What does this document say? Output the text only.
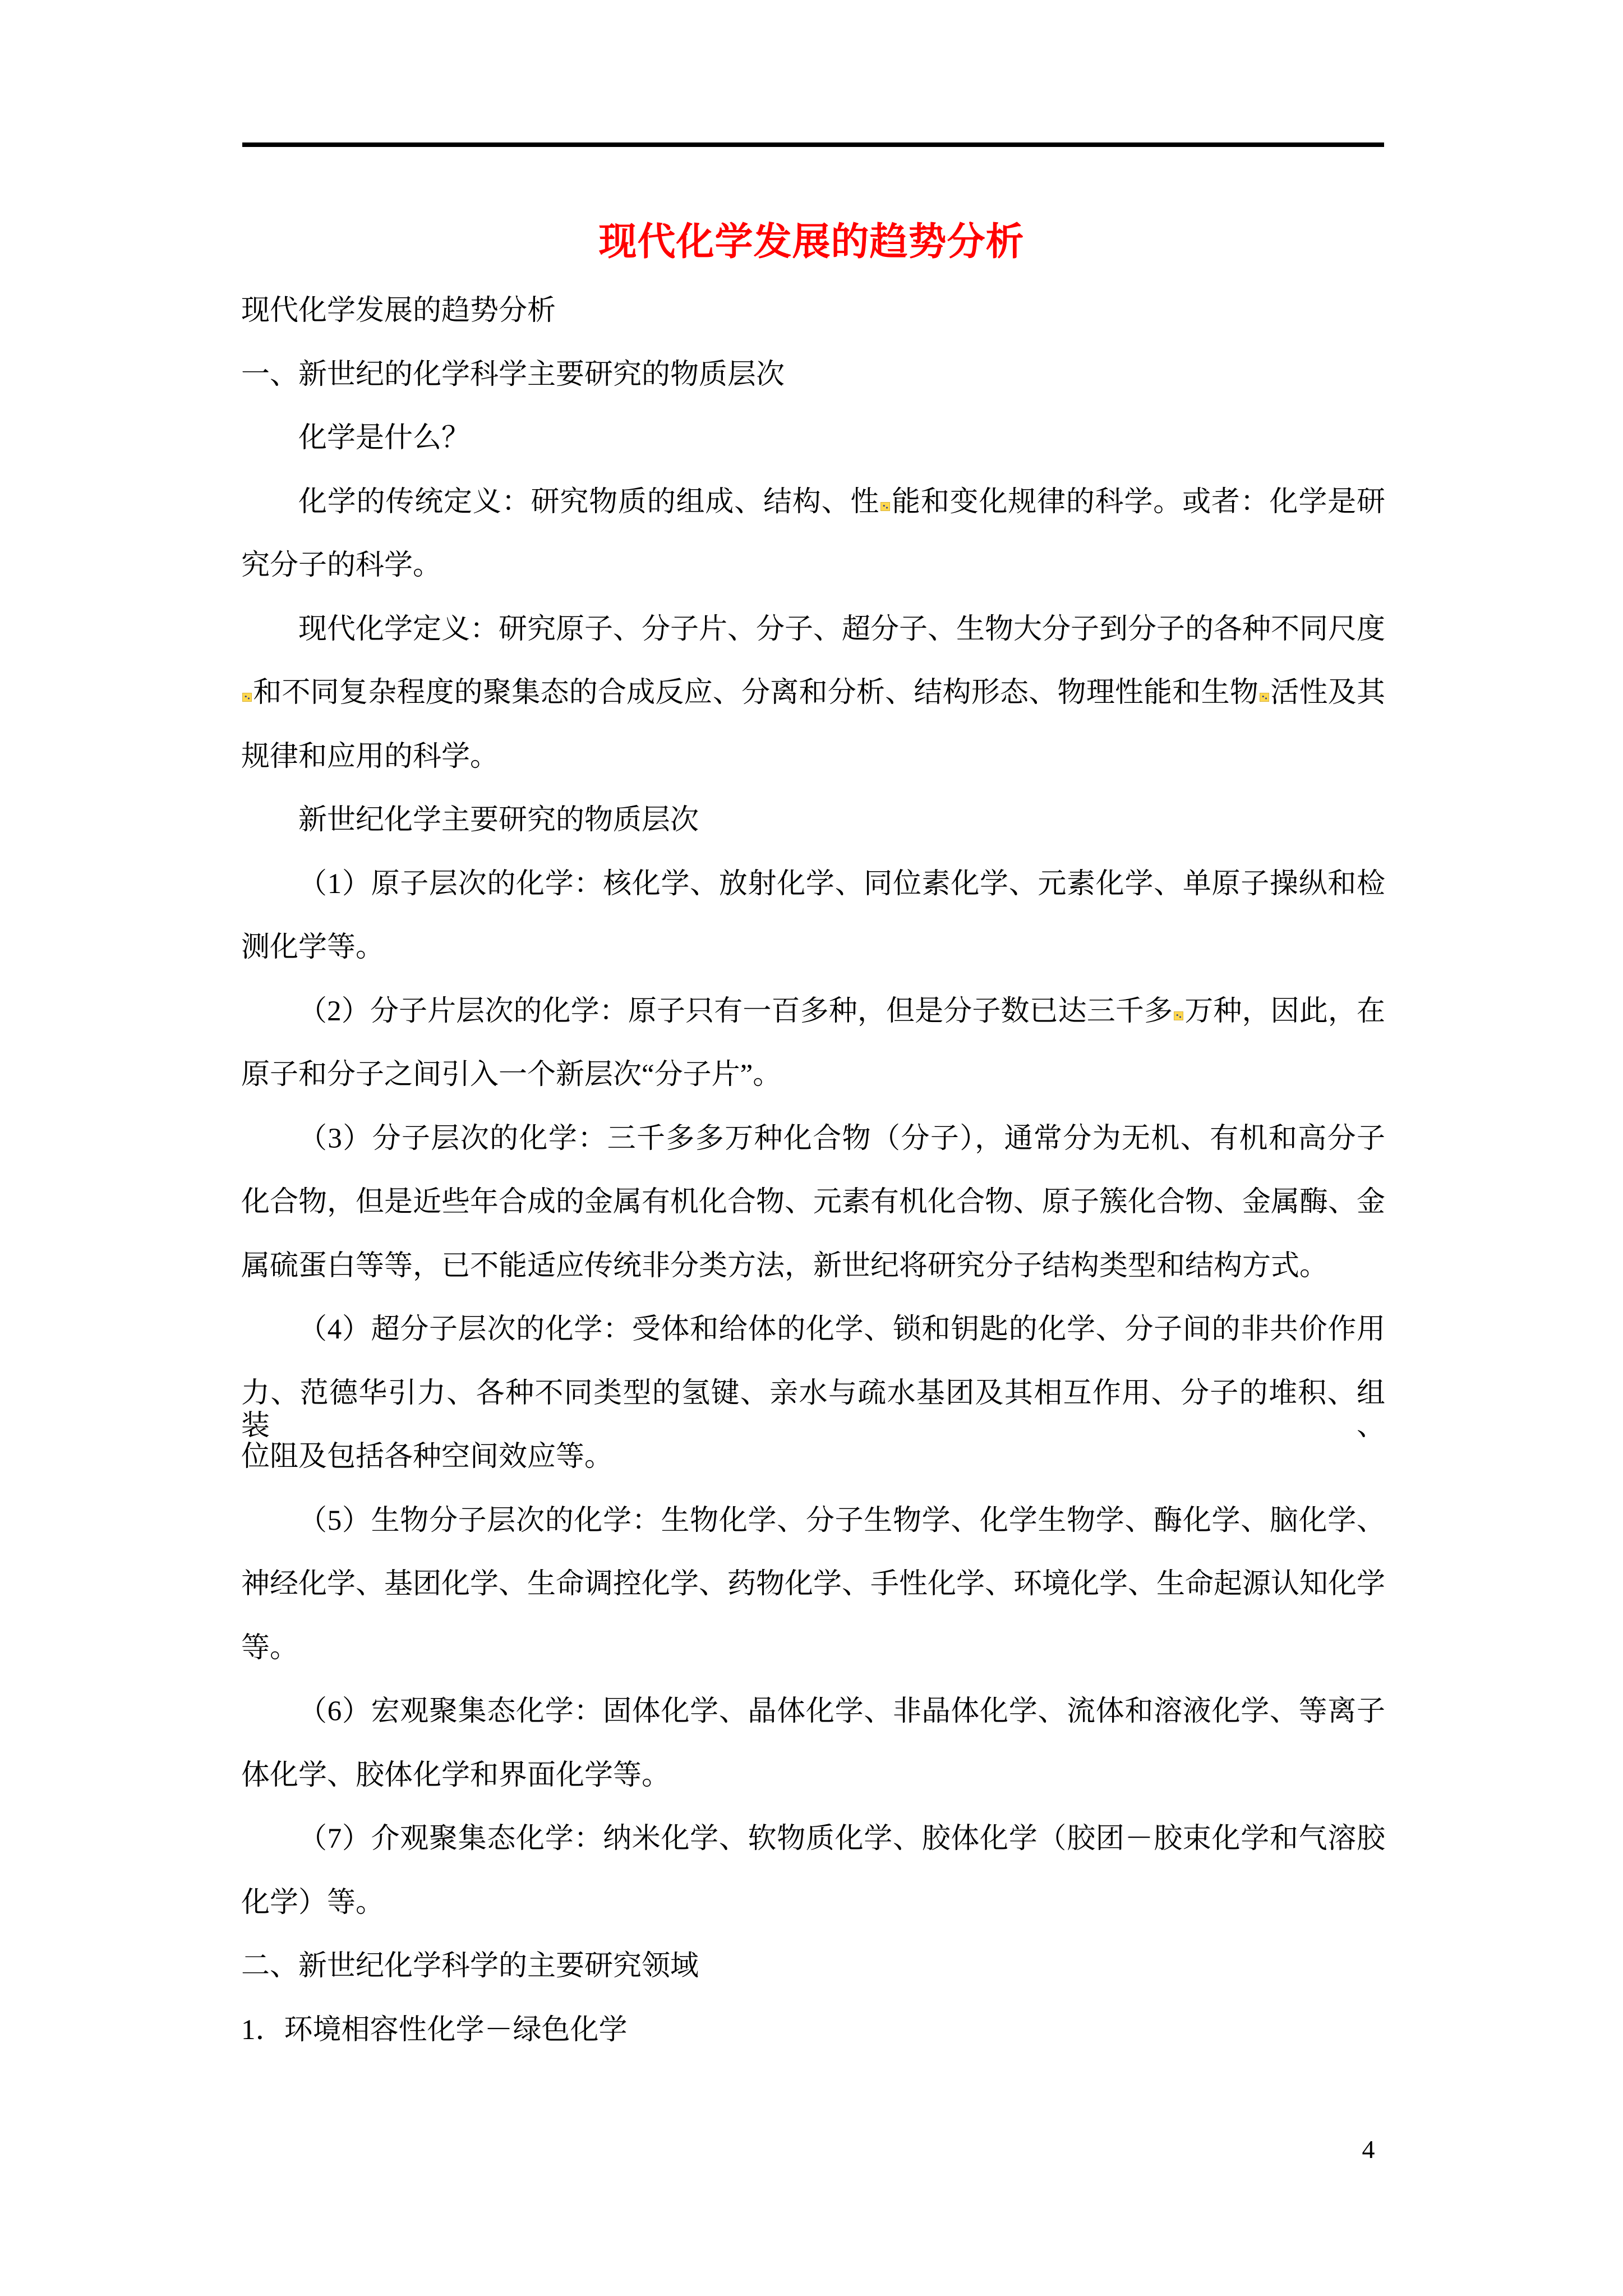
现代化学发展的趋势分析
现代化学发展的趋势分析
一、新世纪的化学科学主要研究的物质层次
化学是什么？
化学的传统定义：研究物质的组成、结构、性 能和变化规律的科学。或者：化学是研
究分子的科学。
现代化学定义：研究原子、分子片、分子、超分子、生物大分子到分子的各种不同尺度
和不同复杂程度的聚集态的合成反应、分离和分析、结构形态、物理性能和生物 活性及其
规律和应用的科学。
新世纪化学主要研究的物质层次
（1）原子层次的化学：核化学、放射化学、同位素化学、元素化学、单原子操纵和检
测化学等。
（2）分子片层次的化学：原子只有一百多种，但是分子数已达三千多 万种，因此，在
原子和分子之间引入一个新层次“分子片”。
（3）分子层次的化学：三千多多万种化合物（分子），通常分为无机、有机和高分子
化合物，但是近些年合成的金属有机化合物、元素有机化合物、原子簇化合物、金属酶、金
属硫蛋白等等，已不能适应传统非分类方法，新世纪将研究分子结构类型和结构方式。
（4）超分子层次的化学：受体和给体的化学、锁和钥匙的化学、分子间的非共价作用
力、范德华引力、各种不同类型的氢键、亲水与疏水基团及其相互作用、分子的堆积、组装、
位阻及包括各种空间效应等。
（5）生物分子层次的化学：生物化学、分子生物学、化学生物学、酶化学、脑化学、
神经化学、基团化学、生命调控化学、药物化学、手性化学、环境化学、生命起源认知化学
等。
（6）宏观聚集态化学：固体化学、晶体化学、非晶体化学、流体和溶液化学、等离子
体化学、胶体化学和界面化学等。
（7）介观聚集态化学：纳米化学、软物质化学、胶体化学（胶团－胶束化学和气溶胶
化学）等。
二、新世纪化学科学的主要研究领域
1．环境相容性化学－绿色化学
4
